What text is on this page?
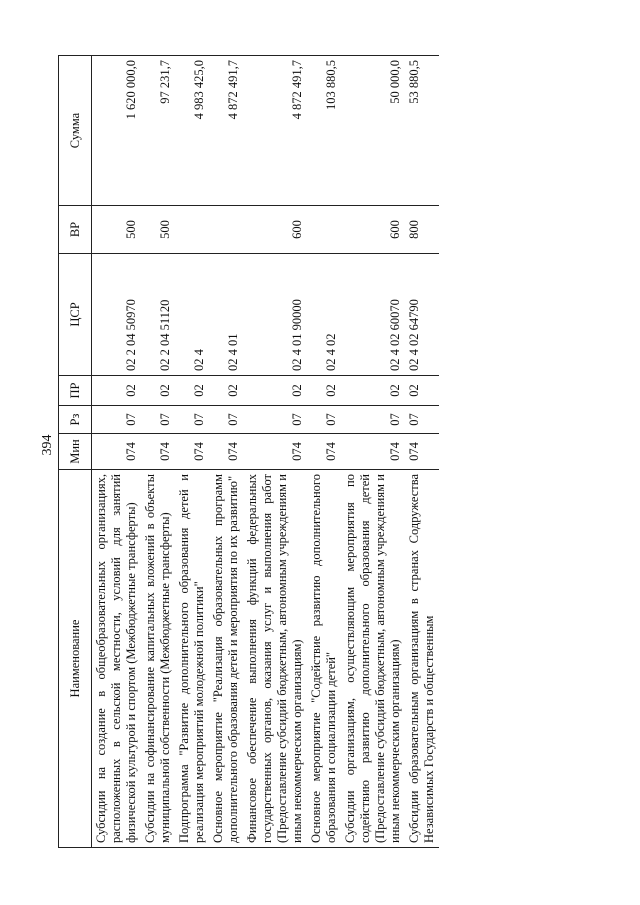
394
Наименование	Мин	Рз	ПР	ЦСР	ВР	Сумма
Субсидии на создание в общеобразовательных организациях, расположенных в сельской местности, условий для занятий физической культурой и спортом (Межбюджетные трансферты)	074	07	02	02 2 04 50970	500	1 620 000,0
Субсидии на софинансирование капитальных вложений в объекты муниципальной собственности (Межбюджетные трансферты)	074	07	02	02 2 04 51120	500	97 231,7
Подпрограмма "Развитие дополнительного образования детей и реализация мероприятий молодежной политики"	074	07	02	02 4		4 983 425,0
Основное мероприятие "Реализация образовательных программ дополнительного образования детей и мероприятия по их развитию"	074	07	02	02 4 01		4 872 491,7
Финансовое обеспечение выполнения функций федеральных государственных органов, оказания услуг и выполнения работ (Предоставление субсидий бюджетным, автономным учреждениям и иным некоммерческим организациям)	074	07	02	02 4 01 90000	600	4 872 491,7
Основное мероприятие "Содействие развитию дополнительного образования и социализации детей"	074	07	02	02 4 02		103 880,5
Субсидии организациям, осуществляющим мероприятия по содействию развитию дополнительного образования детей (Предоставление субсидий бюджетным, автономным учреждениям и иным некоммерческим организациям)	074	07	02	02 4 02 60070	600	50 000,0
Субсидии образовательным организациям в странах Содружества Независимых Государств и общественным	074	07	02	02 4 02 64790	800	53 880,5
